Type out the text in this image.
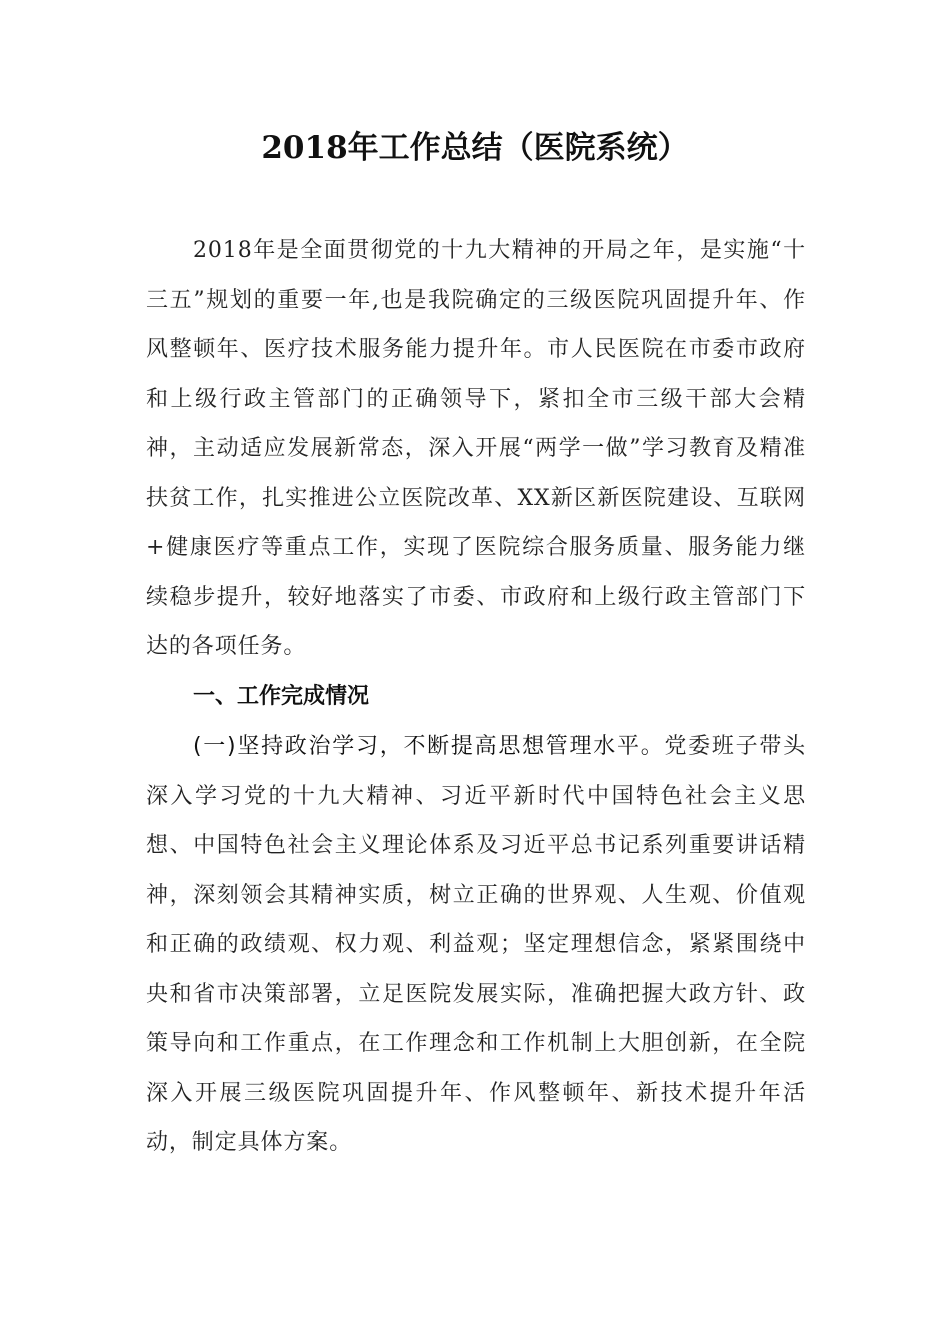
2018年工作总结（医院系统）

2018年是全面贯彻党的十九大精神的开局之年，是实施“十三五”规划的重要一年,也是我院确定的三级医院巩固提升年、作风整顿年、医疗技术服务能力提升年。市人民医院在市委市政府和上级行政主管部门的正确领导下，紧扣全市三级干部大会精神，主动适应发展新常态，深入开展“两学一做”学习教育及精准扶贫工作，扎实推进公立医院改革、XX新区新医院建设、互联网+健康医疗等重点工作，实现了医院综合服务质量、服务能力继续稳步提升，较好地落实了市委、市政府和上级行政主管部门下达的各项任务。

一、工作完成情况

(一)坚持政治学习，不断提高思想管理水平。党委班子带头深入学习党的十九大精神、习近平新时代中国特色社会主义思想、中国特色社会主义理论体系及习近平总书记系列重要讲话精神，深刻领会其精神实质，树立正确的世界观、人生观、价值观和正确的政绩观、权力观、利益观；坚定理想信念，紧紧围绕中央和省市决策部署，立足医院发展实际，准确把握大政方针、政策导向和工作重点，在工作理念和工作机制上大胆创新，在全院深入开展三级医院巩固提升年、作风整顿年、新技术提升年活动，制定具体方案。
